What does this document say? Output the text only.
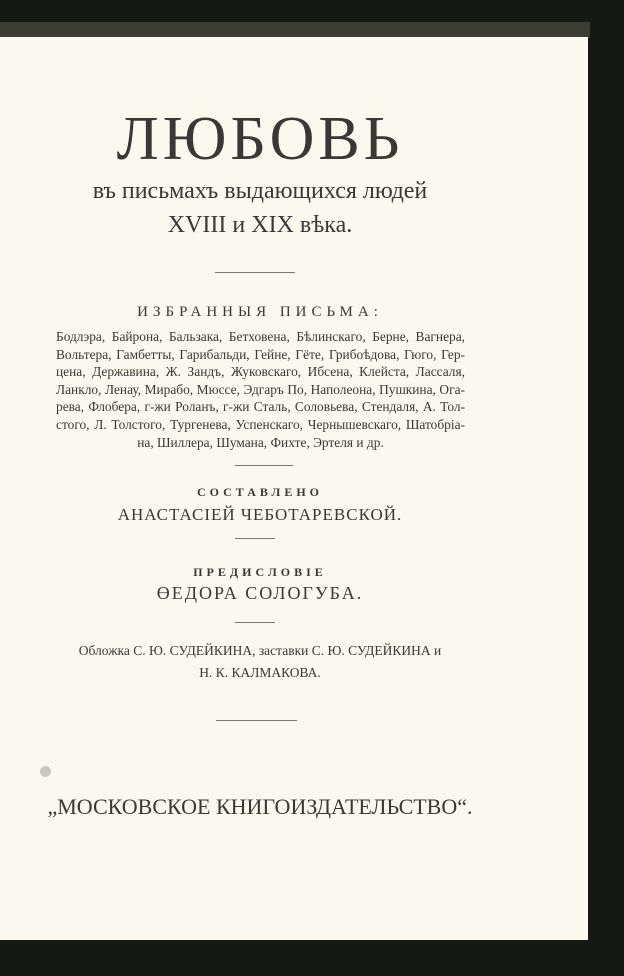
ЛЮБОВЬ
въ письмахъ выдающихся людей
XVIII и XIX вѣка.
ИЗБРАННЫЯ ПИСЬМА:
Бодлэра, Байрона, Бальзака, Бетховена, Бѣлинскаго, Берне, Вагнера,
Вольтера, Гамбетты, Гарибальди, Гейне, Гёте, Грибоѣдова, Гюго, Гер-
цена, Державина, Ж. Зандъ, Жуковскаго, Ибсена, Клейста, Лассаля,
Ланкло, Ленау, Мирабо, Мюссе, Эдгаръ По, Наполеона, Пушкина, Ога-
рева, Флобера, г-жи Роланъ, г-жи Сталь, Соловьева, Стендаля, А. Тол-
стого, Л. Толстого, Тургенева, Успенскаго, Чернышевскаго, Шатобріа-
на, Шиллера, Шумана, Фихте, Эртеля и др.
СОСТАВЛЕНО
АНАСТАСІЕЙ ЧЕБОТАРЕВСКОЙ.
ПРЕДИСЛОВІЕ
ӨЕДОРА СОЛОГУБА.
Обложка С. Ю. СУДЕЙКИНА, заставки С. Ю. СУДЕЙКИНА и
Н. К. КАЛМАКОВА.
„МОСКОВСКОЕ КНИГОИЗДАТЕЛЬСТВО“.
